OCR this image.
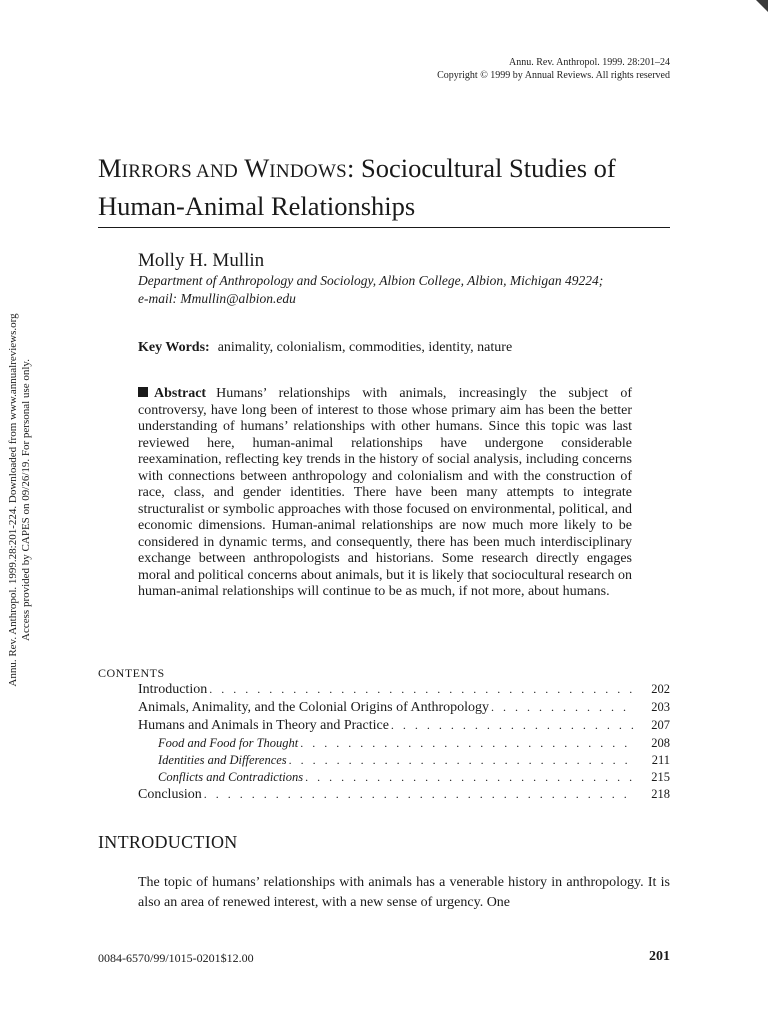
Annu. Rev. Anthropol. 1999. 28:201–24
Copyright © 1999 by Annual Reviews. All rights reserved
Annu. Rev. Anthropol. 1999.28:201-224. Downloaded from www.annualreviews.org Access provided by CAPES on 09/26/19. For personal use only.
MIRRORS AND WINDOWS: Sociocultural Studies of Human-Animal Relationships
Molly H. Mullin
Department of Anthropology and Sociology, Albion College, Albion, Michigan 49224;
e-mail: Mmullin@albion.edu
Key Words: animality, colonialism, commodities, identity, nature

Abstract Humans’ relationships with animals, increasingly the subject of controversy, have long been of interest to those whose primary aim has been the better understanding of humans’ relationships with other humans. Since this topic was last reviewed here, human-animal relationships have undergone considerable reexamination, reflecting key trends in the history of social analysis, including concerns with connections between anthropology and colonialism and with the construction of race, class, and gender identities. There have been many attempts to integrate structuralist or symbolic approaches with those focused on environmental, political, and economic dimensions. Human-animal relationships are now much more likely to be considered in dynamic terms, and consequently, there has been much interdisciplinary exchange between anthropologists and historians. Some research directly engages moral and political concerns about animals, but it is likely that sociocultural research on human-animal relationships will continue to be as much, if not more, about humans.

CONTENTS
Introduction . . .	202
Animals, Animality, and the Colonial Origins of Anthropology . . .	203
Humans and Animals in Theory and Practice . . .	207
Food and Food for Thought . . .	208
Identities and Differences . . .	211
Conflicts and Contradictions . . .	215
Conclusion . . .	218
INTRODUCTION

The topic of humans’ relationships with animals has a venerable history in anthropology. It is also an area of renewed interest, with a new sense of urgency. One

0084-6570/99/1015-0201$12.00	201
